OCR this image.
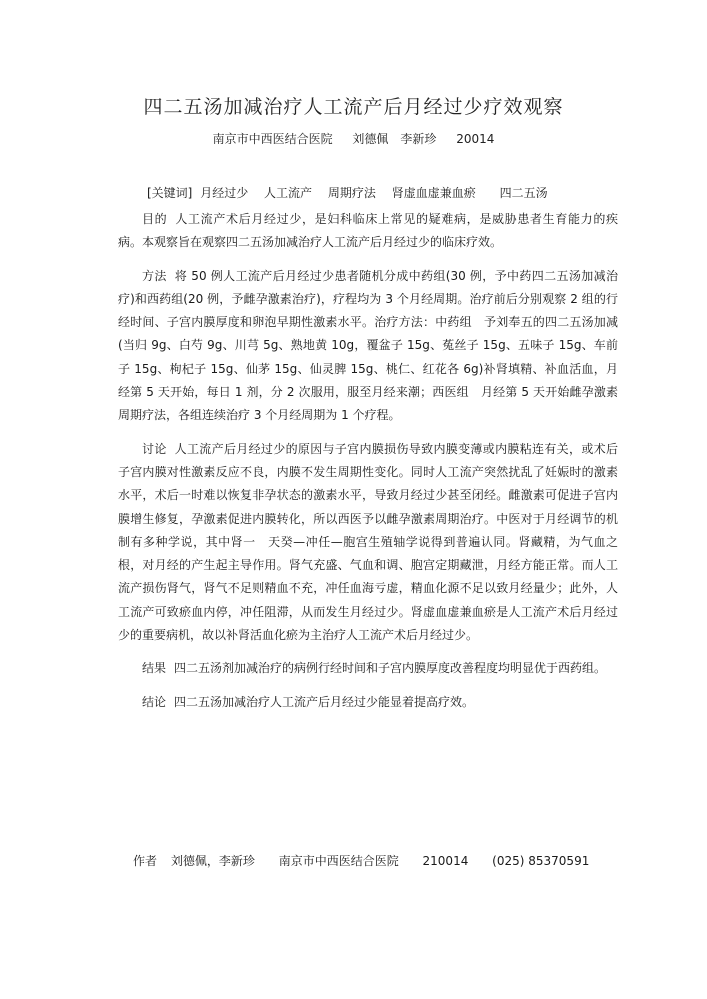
四二五汤加减治疗人工流产后月经过少疗效观察
南京市中西医结合医院 刘德佩　李新珍 20014
[关键词] 月经过少 人工流产 周期疗法 肾虚血虚兼血瘀 四二五汤

目的 人工流产术后月经过少，是妇科临床上常见的疑难病，是威胁患者生育能力的疾病。本观察旨在观察四二五汤加减治疗人工流产后月经过少的临床疗效。

方法 将 50 例人工流产后月经过少患者随机分成中药组(30 例，予中药四二五汤加减治疗)和西药组(20 例，予雌孕激素治疗)，疗程均为 3 个月经周期。治疗前后分别观察 2 组的行经时间、子宫内膜厚度和卵泡早期性激素水平。治疗方法：中药组　予刘奉五的四二五汤加减(当归 9g、白芍 9g、川芎 5g、熟地黄 10g，覆盆子 15g、菟丝子 15g、五味子 15g、车前子 15g、枸杞子 15g、仙茅 15g、仙灵脾 15g、桃仁、红花各 6g)补肾填精、补血活血，月经第 5 天开始，每日 1 剂，分 2 次服用，服至月经来潮；西医组　月经第 5 天开始雌孕激素周期疗法，各组连续治疗 3 个月经周期为 1 个疗程。

讨论 人工流产后月经过少的原因与子宫内膜损伤导致内膜变薄或内膜粘连有关，或术后子宫内膜对性激素反应不良，内膜不发生周期性变化。同时人工流产突然扰乱了妊娠时的激素水平，术后一时难以恢复非孕状态的激素水平，导致月经过少甚至闭经。雌激素可促进子宫内膜增生修复，孕激素促进内膜转化，所以西医予以雌孕激素周期治疗。中医对于月经调节的机制有多种学说，其中肾一　天癸—冲任—胞宫生殖轴学说得到普遍认同。肾藏精，为气血之根，对月经的产生起主导作用。肾气充盛、气血和调、胞宫定期藏泄，月经方能正常。而人工流产损伤肾气，肾气不足则精血不充，冲任血海亏虚，精血化源不足以致月经量少；此外，人工流产可致瘀血内停，冲任阻滞，从而发生月经过少。肾虚血虚兼血瘀是人工流产术后月经过少的重要病机，故以补肾活血化瘀为主治疗人工流产术后月经过少。

结果 四二五汤剂加减治疗的病例行经时间和子宫内膜厚度改善程度均明显优于西药组。

结论 四二五汤加减治疗人工流产后月经过少能显着提高疗效。

作者 刘德佩，李新珍 南京市中西医结合医院 210014 (025) 85370591
